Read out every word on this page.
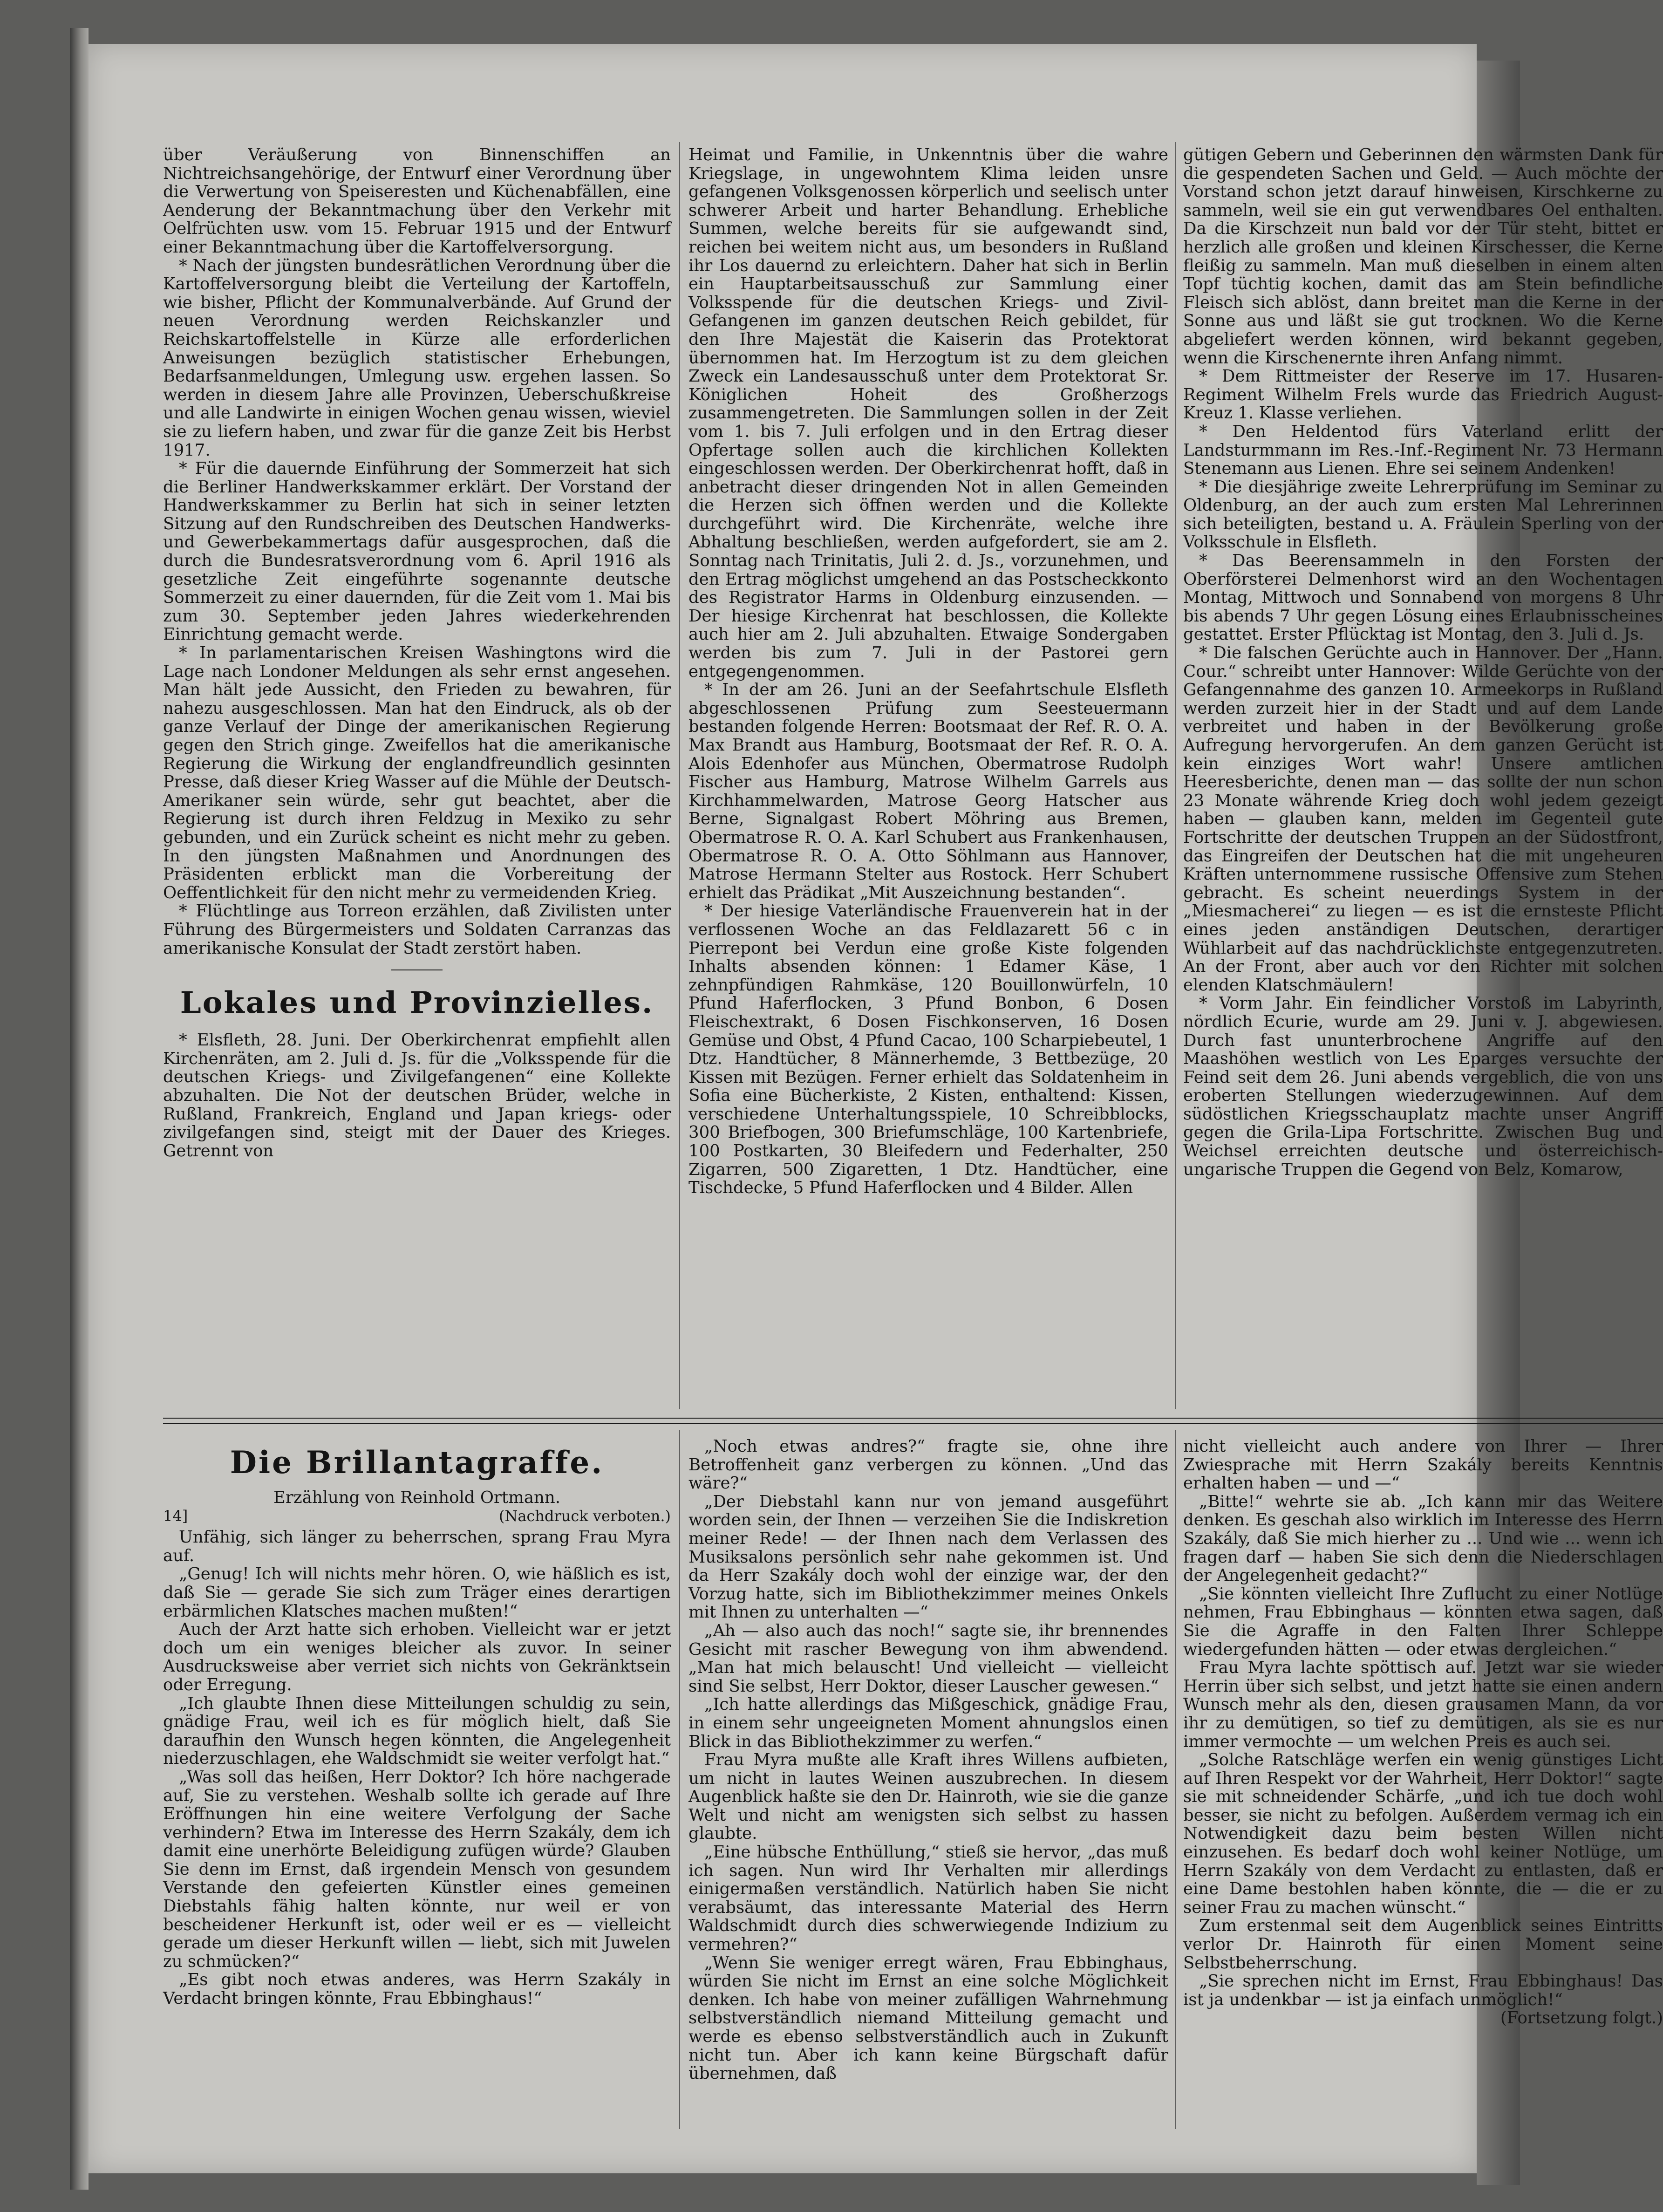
über Veräußerung von Binnenschiffen an Nichtreichsangehörige, der Entwurf einer Verordnung über die Verwertung von Speiseresten und Küchenabfällen, eine Aenderung der Bekanntmachung über den Verkehr mit Oelfrüchten usw. vom 15. Februar 1915 und der Entwurf einer Bekanntmachung über die Kartoffelversorgung.

* Nach der jüngsten bundesrätlichen Verordnung über die Kartoffelversorgung bleibt die Verteilung der Kartoffeln, wie bisher, Pflicht der Kommunalverbände. Auf Grund der neuen Verordnung werden Reichskanzler und Reichskartoffelstelle in Kürze alle erforderlichen Anweisungen bezüglich statistischer Erhebungen, Bedarfsanmeldungen, Umlegung usw. ergehen lassen. So werden in diesem Jahre alle Provinzen, Ueberschußkreise und alle Landwirte in einigen Wochen genau wissen, wieviel sie zu liefern haben, und zwar für die ganze Zeit bis Herbst 1917.

* Für die dauernde Einführung der Sommerzeit hat sich die Berliner Handwerkskammer erklärt. Der Vorstand der Handwerkskammer zu Berlin hat sich in seiner letzten Sitzung auf den Rundschreiben des Deutschen Handwerks- und Gewerbekammertags dafür ausgesprochen, daß die durch die Bundesratsverordnung vom 6. April 1916 als gesetzliche Zeit eingeführte sogenannte deutsche Sommerzeit zu einer dauernden, für die Zeit vom 1. Mai bis zum 30. September jeden Jahres wiederkehrenden Einrichtung gemacht werde.

* In parlamentarischen Kreisen Washingtons wird die Lage nach Londoner Meldungen als sehr ernst angesehen. Man hält jede Aussicht, den Frieden zu bewahren, für nahezu ausgeschlossen. Man hat den Eindruck, als ob der ganze Verlauf der Dinge der amerikanischen Regierung gegen den Strich ginge. Zweifellos hat die amerikanische Regierung die Wirkung der englandfreundlich gesinnten Presse, daß dieser Krieg Wasser auf die Mühle der Deutsch-Amerikaner sein würde, sehr gut beachtet, aber die Regierung ist durch ihren Feldzug in Mexiko zu sehr gebunden, und ein Zurück scheint es nicht mehr zu geben. In den jüngsten Maßnahmen und Anordnungen des Präsidenten erblickt man die Vorbereitung der Oeffentlichkeit für den nicht mehr zu vermeidenden Krieg.

* Flüchtlinge aus Torreon erzählen, daß Zivilisten unter Führung des Bürgermeisters und Soldaten Carranzas das amerikanische Konsulat der Stadt zerstört haben.

Lokales und Provinzielles.

* Elsfleth, 28. Juni. Der Oberkirchenrat empfiehlt allen Kirchenräten, am 2. Juli d. Js. für die „Volksspende für die deutschen Kriegs- und Zivilgefangenen“ eine Kollekte abzuhalten. Die Not der deutschen Brüder, welche in Rußland, Frankreich, England und Japan kriegs- oder zivilgefangen sind, steigt mit der Dauer des Krieges. Getrennt von

Heimat und Familie, in Unkenntnis über die wahre Kriegslage, in ungewohntem Klima leiden unsre gefangenen Volksgenossen körperlich und seelisch unter schwerer Arbeit und harter Behandlung. Erhebliche Summen, welche bereits für sie aufgewandt sind, reichen bei weitem nicht aus, um besonders in Rußland ihr Los dauernd zu erleichtern. Daher hat sich in Berlin ein Hauptarbeitsausschuß zur Sammlung einer Volksspende für die deutschen Kriegs- und Zivil-Gefangenen im ganzen deutschen Reich gebildet, für den Ihre Majestät die Kaiserin das Protektorat übernommen hat. Im Herzogtum ist zu dem gleichen Zweck ein Landesausschuß unter dem Protektorat Sr. Königlichen Hoheit des Großherzogs zusammengetreten. Die Sammlungen sollen in der Zeit vom 1. bis 7. Juli erfolgen und in den Ertrag dieser Opfertage sollen auch die kirchlichen Kollekten eingeschlossen werden. Der Oberkirchenrat hofft, daß in anbetracht dieser dringenden Not in allen Gemeinden die Herzen sich öffnen werden und die Kollekte durchgeführt wird. Die Kirchenräte, welche ihre Abhaltung beschließen, werden aufgefordert, sie am 2. Sonntag nach Trinitatis, Juli 2. d. Js., vorzunehmen, und den Ertrag möglichst umgehend an das Postscheckkonto des Registrator Harms in Oldenburg einzusenden. — Der hiesige Kirchenrat hat beschlossen, die Kollekte auch hier am 2. Juli abzuhalten. Etwaige Sondergaben werden bis zum 7. Juli in der Pastorei gern entgegengenommen.

* In der am 26. Juni an der Seefahrtschule Elsfleth abgeschlossenen Prüfung zum Seesteuermann bestanden folgende Herren: Bootsmaat der Ref. R. O. A. Max Brandt aus Hamburg, Bootsmaat der Ref. R. O. A. Alois Edenhofer aus München, Obermatrose Rudolph Fischer aus Hamburg, Matrose Wilhelm Garrels aus Kirchhammelwarden, Matrose Georg Hatscher aus Berne, Signalgast Robert Möhring aus Bremen, Obermatrose R. O. A. Karl Schubert aus Frankenhausen, Obermatrose R. O. A. Otto Söhlmann aus Hannover, Matrose Hermann Stelter aus Rostock. Herr Schubert erhielt das Prädikat „Mit Auszeichnung bestanden“.

* Der hiesige Vaterländische Frauenverein hat in der verflossenen Woche an das Feldlazarett 56 c in Pierrepont bei Verdun eine große Kiste folgenden Inhalts absenden können: 1 Edamer Käse, 1 zehnpfündigen Rahmkäse, 120 Bouillonwürfeln, 10 Pfund Haferflocken, 3 Pfund Bonbon, 6 Dosen Fleischextrakt, 6 Dosen Fischkonserven, 16 Dosen Gemüse und Obst, 4 Pfund Cacao, 100 Scharpiebeutel, 1 Dtz. Handtücher, 8 Männerhemde, 3 Bettbezüge, 20 Kissen mit Bezügen. Ferner erhielt das Soldatenheim in Sofia eine Bücherkiste, 2 Kisten, enthaltend: Kissen, verschiedene Unterhaltungsspiele, 10 Schreibblocks, 300 Briefbogen, 300 Briefumschläge, 100 Kartenbriefe, 100 Postkarten, 30 Bleifedern und Federhalter, 250 Zigarren, 500 Zigaretten, 1 Dtz. Handtücher, eine Tischdecke, 5 Pfund Haferflocken und 4 Bilder. Allen

gütigen Gebern und Geberinnen den wärmsten Dank für die gespendeten Sachen und Geld. — Auch möchte der Vorstand schon jetzt darauf hinweisen, Kirschkerne zu sammeln, weil sie ein gut verwendbares Oel enthalten. Da die Kirschzeit nun bald vor der Tür steht, bittet er herzlich alle großen und kleinen Kirschesser, die Kerne fleißig zu sammeln. Man muß dieselben in einem alten Topf tüchtig kochen, damit das am Stein befindliche Fleisch sich ablöst, dann breitet man die Kerne in der Sonne aus und läßt sie gut trocknen. Wo die Kerne abgeliefert werden können, wird bekannt gegeben, wenn die Kirschenernte ihren Anfang nimmt.

* Dem Rittmeister der Reserve im 17. Husaren-Regiment Wilhelm Frels wurde das Friedrich August-Kreuz 1. Klasse verliehen.

* Den Heldentod fürs Vaterland erlitt der Landsturmmann im Res.-Inf.-Regiment Nr. 73 Hermann Stenemann aus Lienen. Ehre sei seinem Andenken!

* Die diesjährige zweite Lehrerprüfung im Seminar zu Oldenburg, an der auch zum ersten Mal Lehrerinnen sich beteiligten, bestand u. A. Fräulein Sperling von der Volksschule in Elsfleth.

* Das Beerensammeln in den Forsten der Oberförsterei Delmenhorst wird an den Wochentagen Montag, Mittwoch und Sonnabend von morgens 8 Uhr bis abends 7 Uhr gegen Lösung eines Erlaubnisscheines gestattet. Erster Pflücktag ist Montag, den 3. Juli d. Js.

* Die falschen Gerüchte auch in Hannover. Der „Hann. Cour.“ schreibt unter Hannover: Wilde Gerüchte von der Gefangennahme des ganzen 10. Armeekorps in Rußland werden zurzeit hier in der Stadt und auf dem Lande verbreitet und haben in der Bevölkerung große Aufregung hervorgerufen. An dem ganzen Gerücht ist kein einziges Wort wahr! Unsere amtlichen Heeresberichte, denen man — das sollte der nun schon 23 Monate währende Krieg doch wohl jedem gezeigt haben — glauben kann, melden im Gegenteil gute Fortschritte der deutschen Truppen an der Südostfront, das Eingreifen der Deutschen hat die mit ungeheuren Kräften unternommene russische Offensive zum Stehen gebracht. Es scheint neuerdings System in der „Miesmacherei“ zu liegen — es ist die ernsteste Pflicht eines jeden anständigen Deutschen, derartiger Wühlarbeit auf das nachdrücklichste entgegenzutreten. An der Front, aber auch vor den Richter mit solchen elenden Klatschmäulern!

* Vorm Jahr. Ein feindlicher Vorstoß im Labyrinth, nördlich Ecurie, wurde am 29. Juni v. J. abgewiesen. Durch fast ununterbrochene Angriffe auf den Maashöhen westlich von Les Eparges versuchte der Feind seit dem 26. Juni abends vergeblich, die von uns eroberten Stellungen wiederzugewinnen. Auf dem südöstlichen Kriegsschauplatz machte unser Angriff gegen die Grila-Lipa Fortschritte. Zwischen Bug und Weichsel erreichten deutsche und österreichisch-ungarische Truppen die Gegend von Belz, Komarow,

Die Brillantagraffe.

Erzählung von Reinhold Ortmann.

14]	(Nachdruck verboten.)

Unfähig, sich länger zu beherrschen, sprang Frau Myra auf.

„Genug! Ich will nichts mehr hören. O, wie häßlich es ist, daß Sie — gerade Sie sich zum Träger eines derartigen erbärmlichen Klatsches machen mußten!“

Auch der Arzt hatte sich erhoben. Vielleicht war er jetzt doch um ein weniges bleicher als zuvor. In seiner Ausdrucksweise aber verriet sich nichts von Gekränktsein oder Erregung.

„Ich glaubte Ihnen diese Mitteilungen schuldig zu sein, gnädige Frau, weil ich es für möglich hielt, daß Sie daraufhin den Wunsch hegen könnten, die Angelegenheit niederzuschlagen, ehe Waldschmidt sie weiter verfolgt hat.“

„Was soll das heißen, Herr Doktor? Ich höre nachgerade auf, Sie zu verstehen. Weshalb sollte ich gerade auf Ihre Eröffnungen hin eine weitere Verfolgung der Sache verhindern? Etwa im Interesse des Herrn Szakály, dem ich damit eine unerhörte Beleidigung zufügen würde? Glauben Sie denn im Ernst, daß irgendein Mensch von gesundem Verstande den gefeierten Künstler eines gemeinen Diebstahls fähig halten könnte, nur weil er von bescheidener Herkunft ist, oder weil er es — vielleicht gerade um dieser Herkunft willen — liebt, sich mit Juwelen zu schmücken?“

„Es gibt noch etwas anderes, was Herrn Szakály in Verdacht bringen könnte, Frau Ebbinghaus!“

„Noch etwas andres?“ fragte sie, ohne ihre Betroffenheit ganz verbergen zu können. „Und das wäre?“

„Der Diebstahl kann nur von jemand ausgeführt worden sein, der Ihnen — verzeihen Sie die Indiskretion meiner Rede! — der Ihnen nach dem Verlassen des Musiksalons persönlich sehr nahe gekommen ist. Und da Herr Szakály doch wohl der einzige war, der den Vorzug hatte, sich im Bibliothekzimmer meines Onkels mit Ihnen zu unterhalten —“

„Ah — also auch das noch!“ sagte sie, ihr brennendes Gesicht mit rascher Bewegung von ihm abwendend. „Man hat mich belauscht! Und vielleicht — vielleicht sind Sie selbst, Herr Doktor, dieser Lauscher gewesen.“

„Ich hatte allerdings das Mißgeschick, gnädige Frau, in einem sehr ungeeigneten Moment ahnungslos einen Blick in das Bibliothekzimmer zu werfen.“

Frau Myra mußte alle Kraft ihres Willens aufbieten, um nicht in lautes Weinen auszubrechen. In diesem Augenblick haßte sie den Dr. Hainroth, wie sie die ganze Welt und nicht am wenigsten sich selbst zu hassen glaubte.

„Eine hübsche Enthüllung,“ stieß sie hervor, „das muß ich sagen. Nun wird Ihr Verhalten mir allerdings einigermaßen verständlich. Natürlich haben Sie nicht verabsäumt, das interessante Material des Herrn Waldschmidt durch dies schwerwiegende Indizium zu vermehren?“

„Wenn Sie weniger erregt wären, Frau Ebbinghaus, würden Sie nicht im Ernst an eine solche Möglichkeit denken. Ich habe von meiner zufälligen Wahrnehmung selbstverständlich niemand Mitteilung gemacht und werde es ebenso selbstverständlich auch in Zukunft nicht tun. Aber ich kann keine Bürgschaft dafür übernehmen, daß

nicht vielleicht auch andere von Ihrer — Ihrer Zwiesprache mit Herrn Szakály bereits Kenntnis erhalten haben — und —“

„Bitte!“ wehrte sie ab. „Ich kann mir das Weitere denken. Es geschah also wirklich im Interesse des Herrn Szakály, daß Sie mich hierher zu ... Und wie ... wenn ich fragen darf — haben Sie sich denn die Niederschlagen der Angelegenheit gedacht?“

„Sie könnten vielleicht Ihre Zuflucht zu einer Notlüge nehmen, Frau Ebbinghaus — könnten etwa sagen, daß Sie die Agraffe in den Falten Ihrer Schleppe wiedergefunden hätten — oder etwas dergleichen.“

Frau Myra lachte spöttisch auf. Jetzt war sie wieder Herrin über sich selbst, und jetzt hatte sie einen andern Wunsch mehr als den, diesen grausamen Mann, da vor ihr zu demütigen, so tief zu demütigen, als sie es nur immer vermochte — um welchen Preis es auch sei.

„Solche Ratschläge werfen ein wenig günstiges Licht auf Ihren Respekt vor der Wahrheit, Herr Doktor!“ sagte sie mit schneidender Schärfe, „und ich tue doch wohl besser, sie nicht zu befolgen. Außerdem vermag ich ein Notwendigkeit dazu beim besten Willen nicht einzusehen. Es bedarf doch wohl keiner Notlüge, um Herrn Szakály von dem Verdacht zu entlasten, daß er eine Dame bestohlen haben könnte, die — die er zu seiner Frau zu machen wünscht.“

Zum erstenmal seit dem Augenblick seines Eintritts verlor Dr. Hainroth für einen Moment seine Selbstbeherrschung.

„Sie sprechen nicht im Ernst, Frau Ebbinghaus! Das ist ja undenkbar — ist ja einfach unmöglich!“

(Fortsetzung folgt.)
